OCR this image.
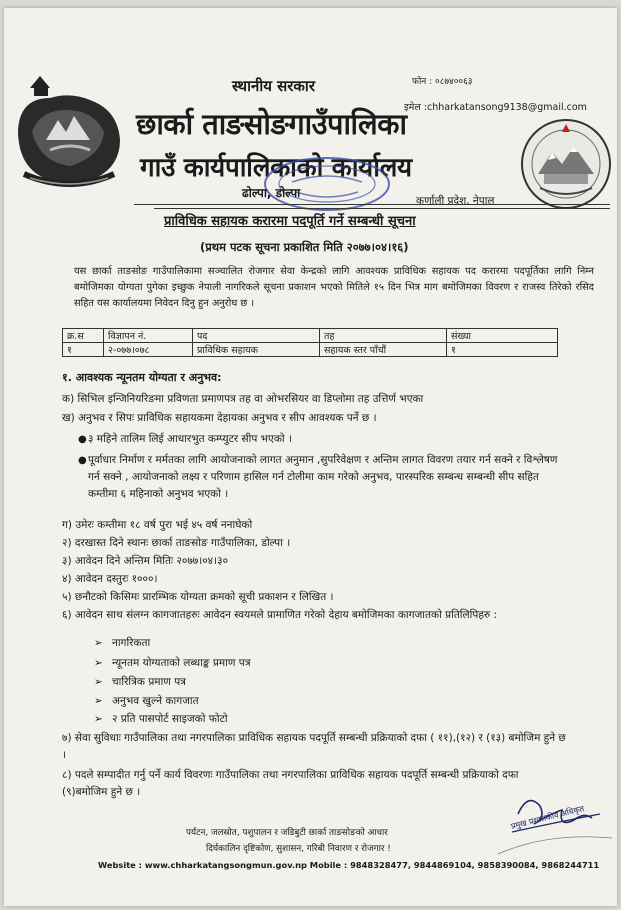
स्थानीय सरकार	फोन : ०८७४००६३
इमेल :chharkatansong9138@gmail.com
छार्का ताङसोङगाउँपालिका
गाउँ कार्यपालिकाको कार्यालय
ढोल्पा, डोल्पा
कर्णाली प्रदेश, नेपाल
प्राविधिक सहायक करारमा पदपूर्ति गर्ने सम्बन्धी सूचना
(प्रथम पटक सूचना प्रकाशित मिति २०७७।०४।१६)
यस छार्का ताङसोङ गाउँपालिकामा सञ्चालित रोजगार सेवा केन्द्रको लागि आवश्यक प्राविधिक सहायक पद करारमा पदपूर्तिका लागि निम्न बमोजिमका योग्यता पुगेका इच्छुक नेपाली नागरिकले सूचना प्रकाशन भएको मितिले १५ दिन भित्र माग बमोजिमका विवरण र राजस्व तिरेको रसिद सहित यस कार्यालयमा निवेदन दिनु हुन अनुरोध छ ।
क्र.स	विज्ञापन नं.	पद	तह	संख्या
१	२-०७७।०७८	प्राविधिक सहायक	सहायक स्तर पाँचौं	१
१. आवश्यक न्यूनतम योग्यता र अनुभव:
क) सिभिल इन्जिनियरिङमा प्रविणता प्रमाणपत्र तह वा ओभरसियर वा डिप्लोमा तह उत्तिर्ण भएका
ख) अनुभव र सिपः प्राविधिक सहायकमा देहायका अनुभव र सीप आवश्यक पर्ने छ ।
● ३ महिने तालिम लिई आधारभुत कम्प्युटर सीप भएको ।
● पूर्वाधार निर्माण र मर्मतका लागि आयोजनाको लागत अनुमान ,सुपरिवेक्षण र अन्तिम लागत विवरण तयार गर्न सक्ने र विश्लेषण गर्न सक्ने , आयोजनाको लक्ष्य र परिणाम हासिल गर्न टोलीमा काम गरेको अनुभव, पारस्परिक सम्बन्ध सम्बन्धी सीप सहित कम्तीमा ६ महिनाको अनुभव भएको ।
ग) उमेरः कम्तीमा १८ वर्ष पुरा भई ४५ वर्ष ननाघेको
२) दरखास्त दिने स्थानः छार्का ताङसोङ गाउँपालिका, डोल्पा ।
३) आवेदन दिने अन्तिम मितिः २०७७।०४।३०
४) आवेदन दस्तुरः १०००।
५) छनौटको किसिमः प्रारम्भिक योग्यता क्रमको सूची प्रकाशन र लिखित ।
६) आवेदन साथ संलग्न कागजातहरुः आवेदन स्वयमले प्रामाणित गरेको देहाय बमोजिमका कागजातको प्रतिलिपिहरु :
➢ नागरिकता
➢ न्यूनतम योग्यताको लब्धाङ्क प्रमाण पत्र
➢ चारित्रिक प्रमाण पत्र
➢ अनुभव खुल्ने कागजात
➢ २ प्रति पासपोर्ट साइजको फोटो
७) सेवा सुविधाः गाउँपालिका तथा नगरपालिका प्राविधिक सहायक पदपूर्ति सम्बन्धी प्रक्रियाको दफा ( ११),(१२) र (१३) बमोजिम हुने छ ।
८) पदले सम्पादीत गर्नु पर्ने कार्य विवरणः गाउँपालिका तथा नगरपालिका प्राविधिक सहायक पदपूर्ति सम्बन्धी प्रक्रियाको दफा (९)बमोजिम हुने छ ।
प्रमुख प्रशासकीय अधिकृत
पर्यटन, जलस्रोत, पशुपालन र जडिबुटी छार्का ताङसोङको आधार
दिर्घकालिन दृष्टिकोण, सुशासन, गरिबी निवारण र रोजगार !
Website : www.chharkatangsongmun.gov.np Mobile : 9848328477, 9844869104, 9858390084, 9868244711
